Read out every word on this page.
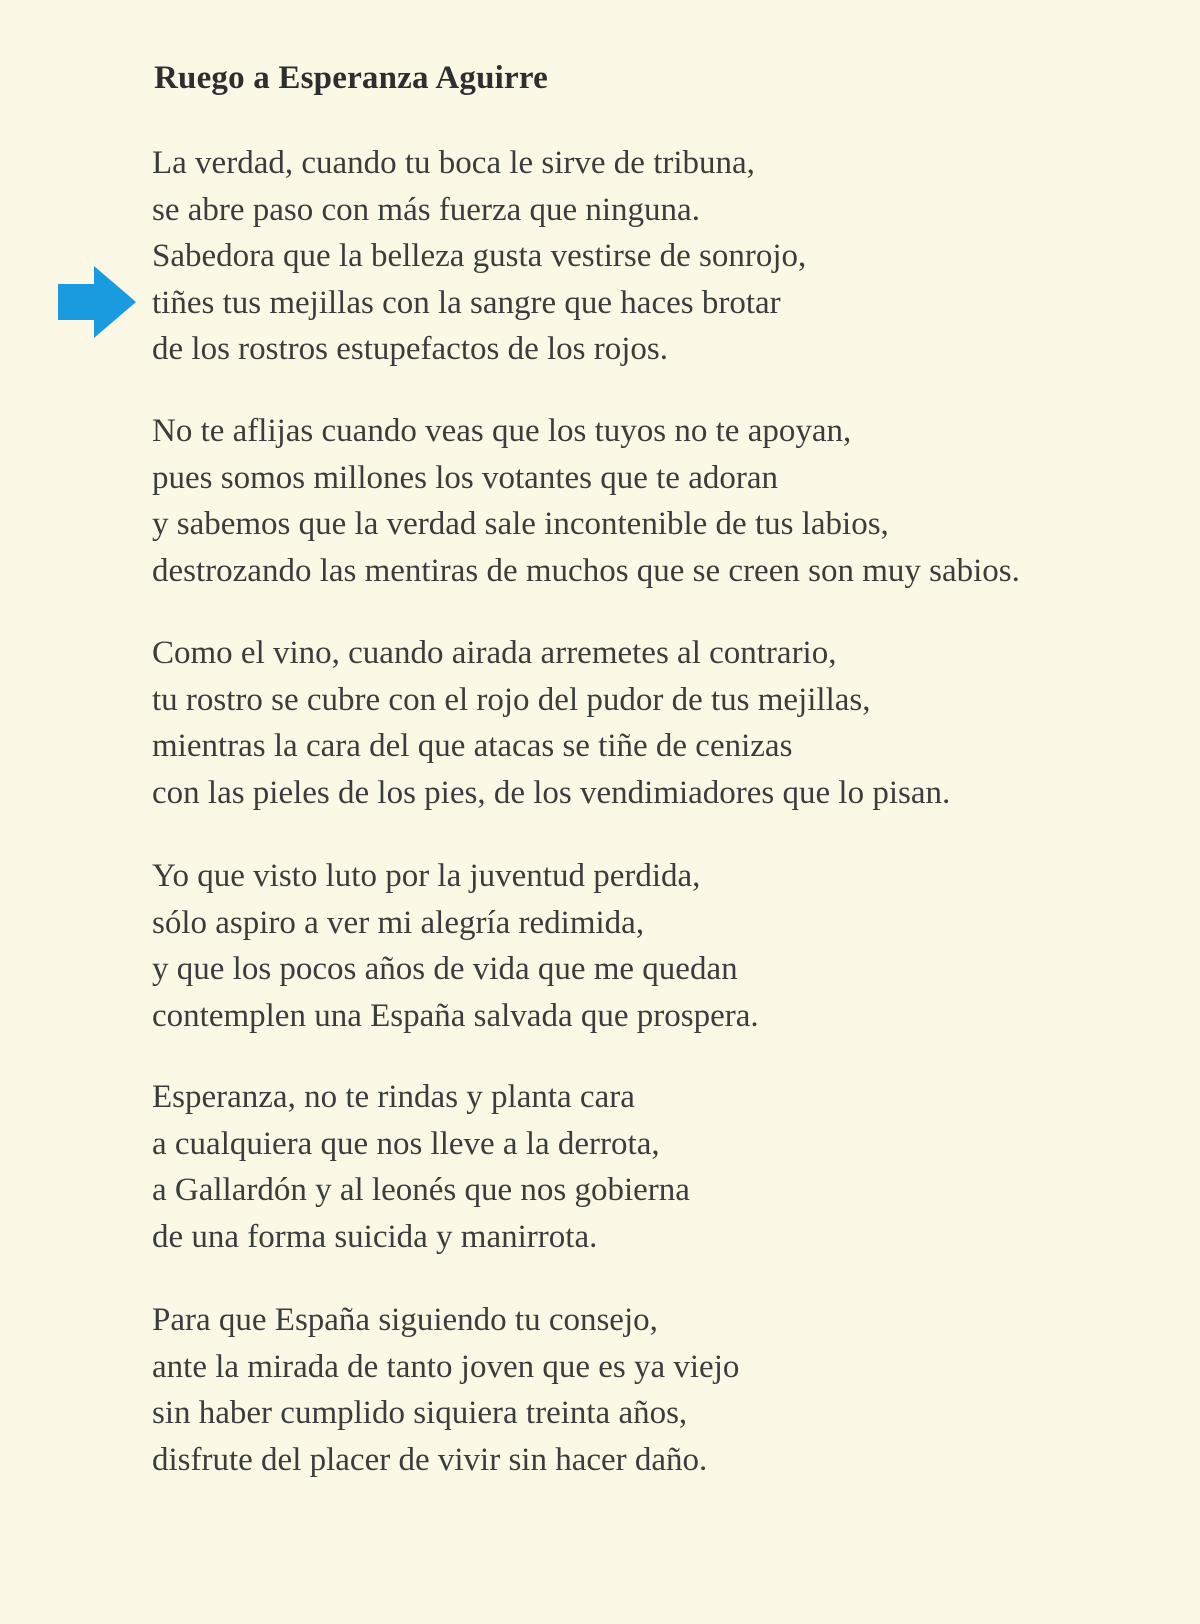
Ruego a Esperanza Aguirre
La verdad, cuando tu boca le sirve de tribuna,
se abre paso con más fuerza que ninguna.
Sabedora que la belleza gusta vestirse de sonrojo,
tiñes tus mejillas con la sangre que haces brotar
de los rostros estupefactos de los rojos.
No te aflijas cuando veas que los tuyos no te apoyan,
pues somos millones los votantes que te adoran
y sabemos que la verdad sale incontenible de tus labios,
destrozando las mentiras de muchos que se creen son muy sabios.
Como el vino, cuando airada arremetes al contrario,
tu rostro se cubre con el rojo del pudor de tus mejillas,
mientras la cara del que atacas se tiñe de cenizas
con las pieles de los pies, de los vendimiadores que lo pisan.
Yo que visto luto por la juventud perdida,
sólo aspiro a ver mi alegría redimida,
y que los pocos años de vida que me quedan
contemplen una España salvada que prospera.
Esperanza, no te rindas y planta cara
a cualquiera que nos lleve a la derrota,
a Gallardón y al leonés que nos gobierna
de una forma suicida y manirrota.
Para que España siguiendo tu consejo,
ante la mirada de tanto joven que es ya viejo
sin haber cumplido siquiera treinta años,
disfrute del placer de vivir sin hacer daño.
